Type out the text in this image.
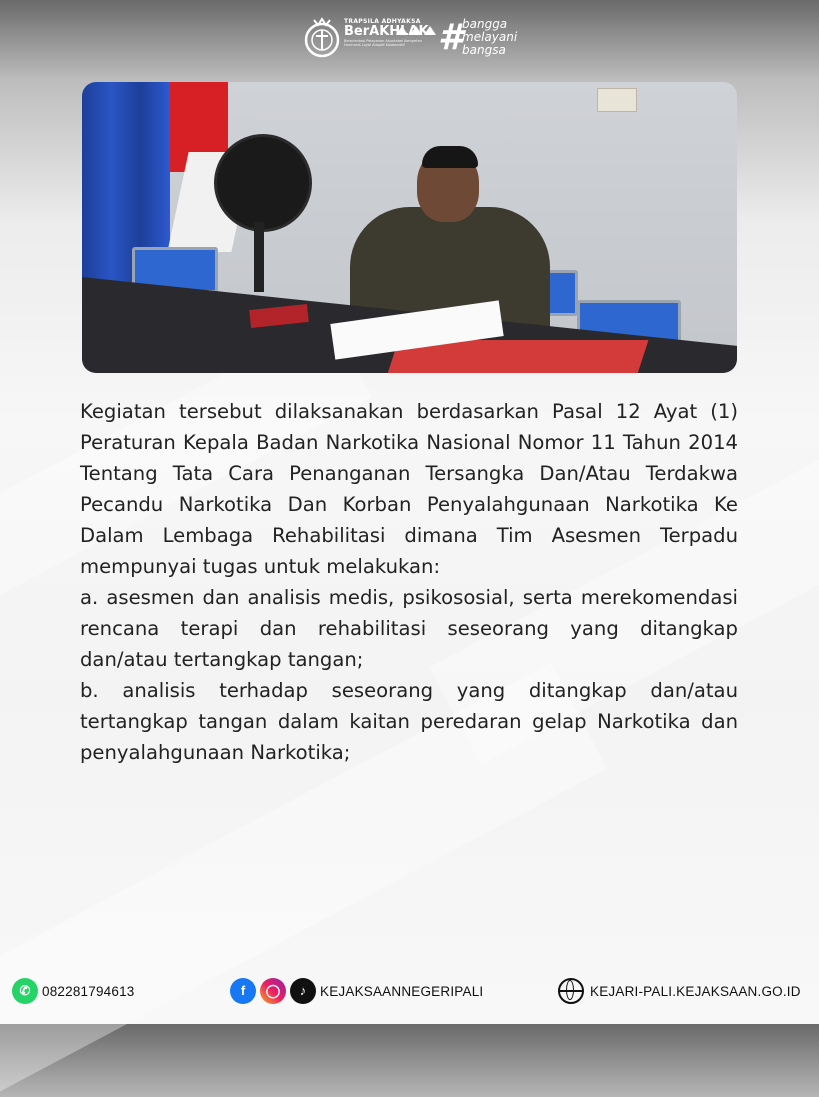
TRAPSILA ADHYAKSA
BerAKHLAK
Berorientasi Pelayanan Akuntabel Kompeten Harmonis Loyal Adaptif Kolaboratif #
bangga
melayani
bangsa

Kegiatan tersebut dilaksanakan berdasarkan Pasal 12 Ayat (1) Peraturan Kepala Badan Narkotika Nasional Nomor 11 Tahun 2014 Tentang Tata Cara Penanganan Tersangka Dan/Atau Terdakwa Pecandu Narkotika Dan Korban Penyalahgunaan Narkotika Ke Dalam Lembaga Rehabilitasi dimana Tim Asesmen Terpadu mempunyai tugas untuk melakukan:

a. asesmen dan analisis medis, psikososial, serta merekomendasi rencana terapi dan rehabilitasi seseorang yang ditangkap dan/atau tertangkap tangan;

b. analisis terhadap seseorang yang ditangkap dan/atau tertangkap tangan dalam kaitan peredaran gelap Narkotika dan penyalahgunaan Narkotika;

✆ 082281794613	f	◯	♪	KEJAKSAANNEGERIPALI	KEJARI-PALI.KEJAKSAAN.GO.ID
